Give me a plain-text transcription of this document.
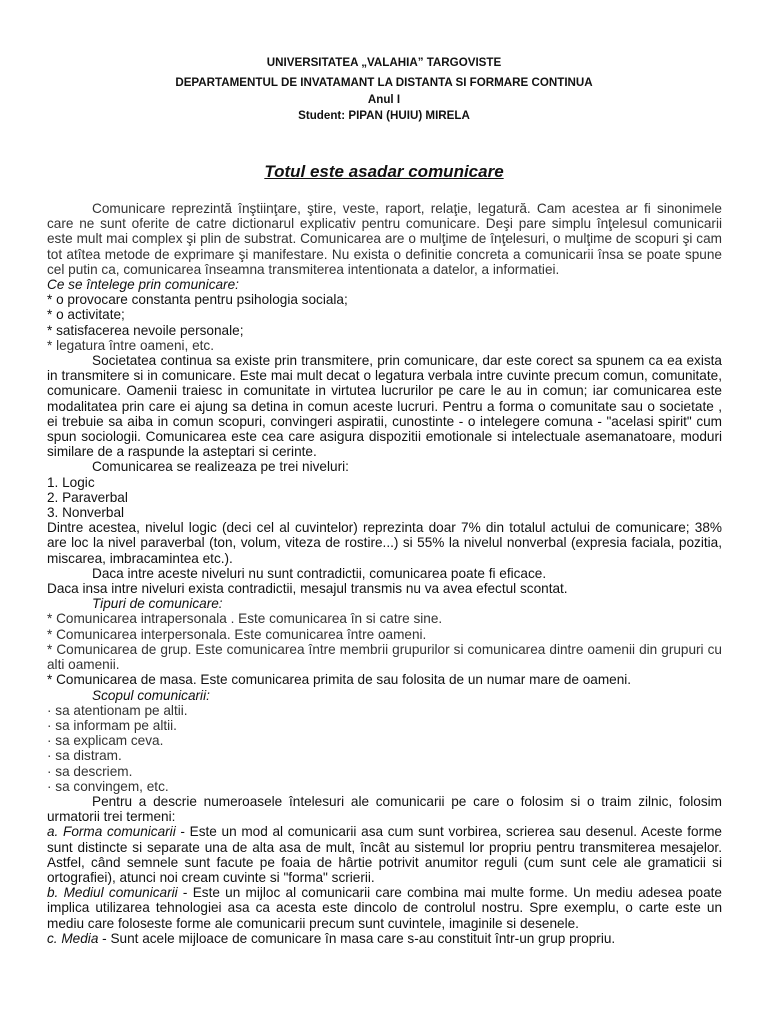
UNIVERSITATEA „VALAHIA” TARGOVISTE
DEPARTAMENTUL DE INVATAMANT LA DISTANTA SI FORMARE CONTINUA
Anul I
Student: PIPAN (HUIU) MIRELA
Totul este asadar comunicare

Comunicare reprezintă înştiinţare, ştire, veste, raport, relaţie, legatură. Cam acestea ar fi sinonimele care ne sunt oferite de catre dictionarul explicativ pentru comunicare. Deşi pare simplu înţelesul comunicarii este mult mai complex şi plin de substrat. Comunicarea are o mulţime de înţelesuri, o mulţime de scopuri şi cam tot atîtea metode de exprimare şi manifestare. Nu exista o definitie concreta a comunicarii însa se poate spune cel putin ca, comunicarea înseamna transmiterea intentionata a datelor, a informatiei.

Ce se întelege prin comunicare:

* o provocare constanta pentru psihologia sociala;

* o activitate;

* satisfacerea nevoile personale;

* legatura între oameni, etc.

Societatea continua sa existe prin transmitere, prin comunicare, dar este corect sa spunem ca ea exista in transmitere si in comunicare. Este mai mult decat o legatura verbala intre cuvinte precum comun, comunitate, comunicare. Oamenii traiesc in comunitate in virtutea lucrurilor pe care le au in comun; iar comunicarea este modalitatea prin care ei ajung sa detina in comun aceste lucruri. Pentru a forma o comunitate sau o societate , ei trebuie sa aiba in comun scopuri, convingeri aspiratii, cunostinte - o intelegere comuna - "acelasi spirit" cum spun sociologii. Comunicarea este cea care asigura dispozitii emotionale si intelectuale asemanatoare, moduri similare de a raspunde la asteptari si cerinte.

Comunicarea se realizeaza pe trei niveluri:

1. Logic

2. Paraverbal

3. Nonverbal

Dintre acestea, nivelul logic (deci cel al cuvintelor) reprezinta doar 7% din totalul actului de comunicare; 38% are loc la nivel paraverbal (ton, volum, viteza de rostire...) si 55% la nivelul nonverbal (expresia faciala, pozitia, miscarea, imbracamintea etc.).

Daca intre aceste niveluri nu sunt contradictii, comunicarea poate fi eficace.

Daca insa intre niveluri exista contradictii, mesajul transmis nu va avea efectul scontat.

Tipuri de comunicare:

* Comunicarea intrapersonala . Este comunicarea în si catre sine.

* Comunicarea interpersonala. Este comunicarea între oameni.

* Comunicarea de grup. Este comunicarea între membrii grupurilor si comunicarea dintre oamenii din grupuri cu alti oamenii.

* Comunicarea de masa. Este comunicarea primita de sau folosita de un numar mare de oameni.

Scopul comunicarii:

· sa atentionam pe altii.

· sa informam pe altii.

· sa explicam ceva.

· sa distram.

· sa descriem.

· sa convingem, etc.

Pentru a descrie numeroasele întelesuri ale comunicarii pe care o folosim si o traim zilnic, folosim urmatorii trei termeni:

a. Forma comunicarii - Este un mod al comunicarii asa cum sunt vorbirea, scrierea sau desenul. Aceste forme sunt distincte si separate una de alta asa de mult, încât au sistemul lor propriu pentru transmiterea mesajelor. Astfel, când semnele sunt facute pe foaia de hârtie potrivit anumitor reguli (cum sunt cele ale gramaticii si ortografiei), atunci noi cream cuvinte si "forma" scrierii.

b. Mediul comunicarii - Este un mijloc al comunicarii care combina mai multe forme. Un mediu adesea poate implica utilizarea tehnologiei asa ca acesta este dincolo de controlul nostru. Spre exemplu, o carte este un mediu care foloseste forme ale comunicarii precum sunt cuvintele, imaginile si desenele.

c. Media - Sunt acele mijloace de comunicare în masa care s-au constituit într-un grup propriu.
